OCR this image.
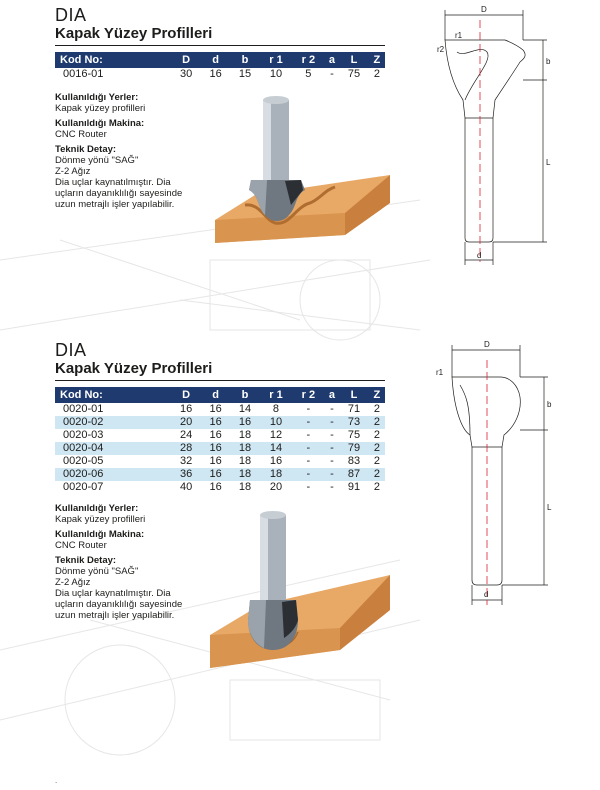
DIA
Kapak Yüzey Profilleri
Kod No:	D	d	b	r 1	r 2	a	L	Z
0016-01	30	16	15	10	5	-	75	2
Kullanıldığı Yerler:
Kapak yüzey profilleri
Kullanıldığı Makina:
CNC Router
Teknik Detay:
Dönme yönü "SAĞ"
Z-2 Ağız
Dia uçlar kaynatılmıştır. Dia
uçların dayanıklılığı sayesinde
uzun metrajlı işler yapılabilir.
D
r1
r2
b
L
d
DIA
Kapak Yüzey Profilleri
Kod No:	D	d	b	r 1	r 2	a	L	Z
0020-01	16	16	14	8	-	-	71	2
0020-02	20	16	16	10	-	-	73	2
0020-03	24	16	18	12	-	-	75	2
0020-04	28	16	18	14	-	-	79	2
0020-05	32	16	18	16	-	-	83	2
0020-06	36	16	18	18	-	-	87	2
0020-07	40	16	18	20	-	-	91	2
Kullanıldığı Yerler:
Kapak yüzey profilleri
Kullanıldığı Makina:
CNC Router
Teknik Detay:
Dönme yönü "SAĞ"
Z-2 Ağız
Dia uçlar kaynatılmıştır. Dia
uçların dayanıklılığı sayesinde
uzun metrajlı işler yapılabilir.
D
r1
b
L
d
.
